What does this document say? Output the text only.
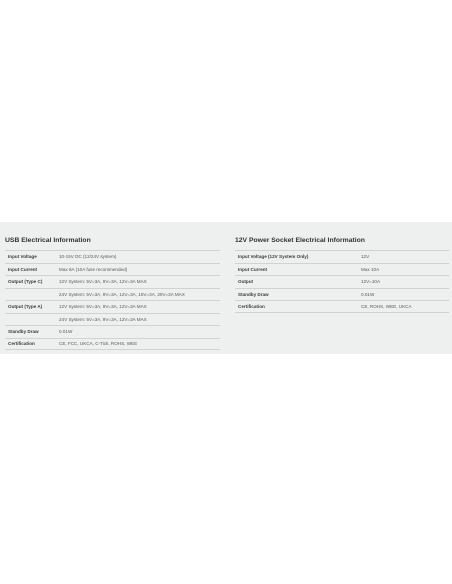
USB Electrical Information
Input Voltage	10-15V DC (12/24V system)
Input Current	Max 8A (10A fuse recommended)
Output (Type C)	12V System: 5V=3A, 9V=3A, 12V=3A MAX
24V System: 5V=3A, 9V=3A, 12V=3A, 15V=3A, 20V=3A MAX
Output (Type A)	12V System: 5V=3A, 9V=3A, 12V=3A MAX
24V System: 5V=3A, 9V=3A, 12V=3A MAX
Standby Draw	0.01W
Certification	CE, FCC, UKCA, C-Tick, ROHS, WEE
12V Power Socket Electrical Information
Input Voltage (12V System Only)	12V
Input Current	Max 10A
Output	12V=10A
Standby Draw	0.01W
Certification	CE, ROHS, WEE, UKCA
